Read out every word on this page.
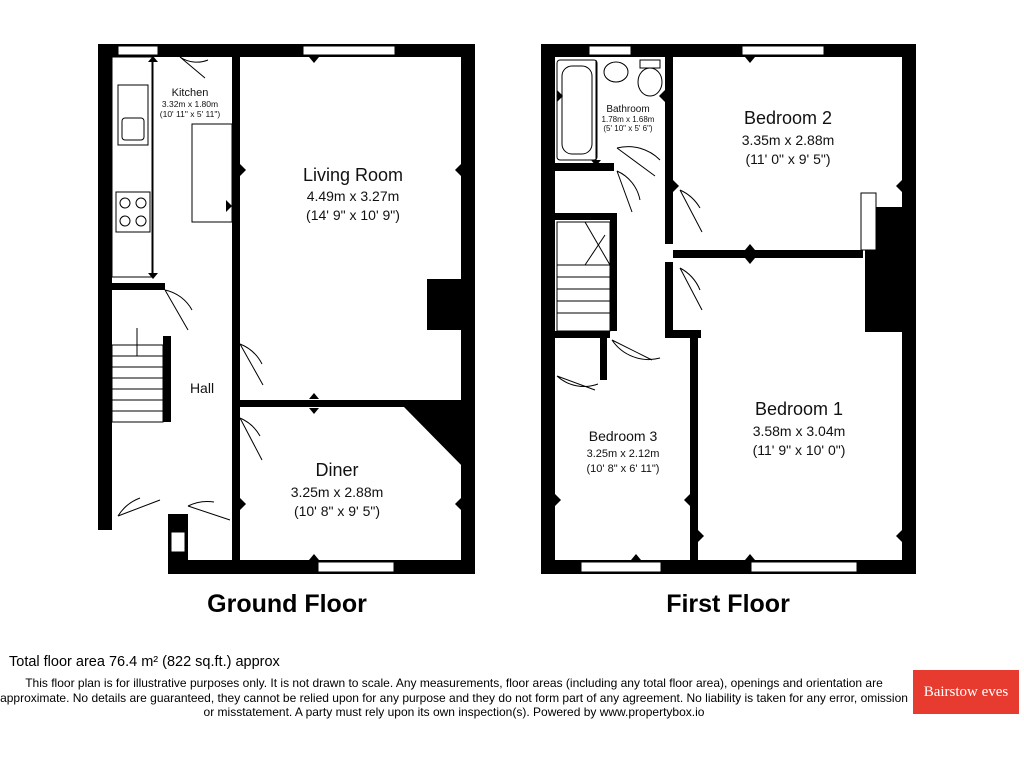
Kitchen
3.32m x 1.80m
(10' 11" x 5' 11")
Living Room
4.49m x 3.27m
(14' 9" x 10' 9")
Hall
Diner
3.25m x 2.88m
(10' 8" x 9' 5")
Ground Floor
Bathroom
1.78m x 1.68m
(5' 10" x 5' 6")
Bedroom 2
3.35m x 2.88m
(11' 0" x 9' 5")
Bedroom 3
3.25m x 2.12m
(10' 8" x 6' 11")
Bedroom 1
3.58m x 3.04m
(11' 9" x 10' 0")
First Floor
Total floor area 76.4 m² (822 sq.ft.) approx
This floor plan is for illustrative purposes only. It is not drawn to scale. Any measurements, floor areas (including any total floor area), openings and orientation are approximate. No details are guaranteed, they cannot be relied upon for any purpose and they do not form part of any agreement. No liability is taken for any error, omission or misstatement. A party must rely upon its own inspection(s). Powered by www.propertybox.io
Bairstow eves
